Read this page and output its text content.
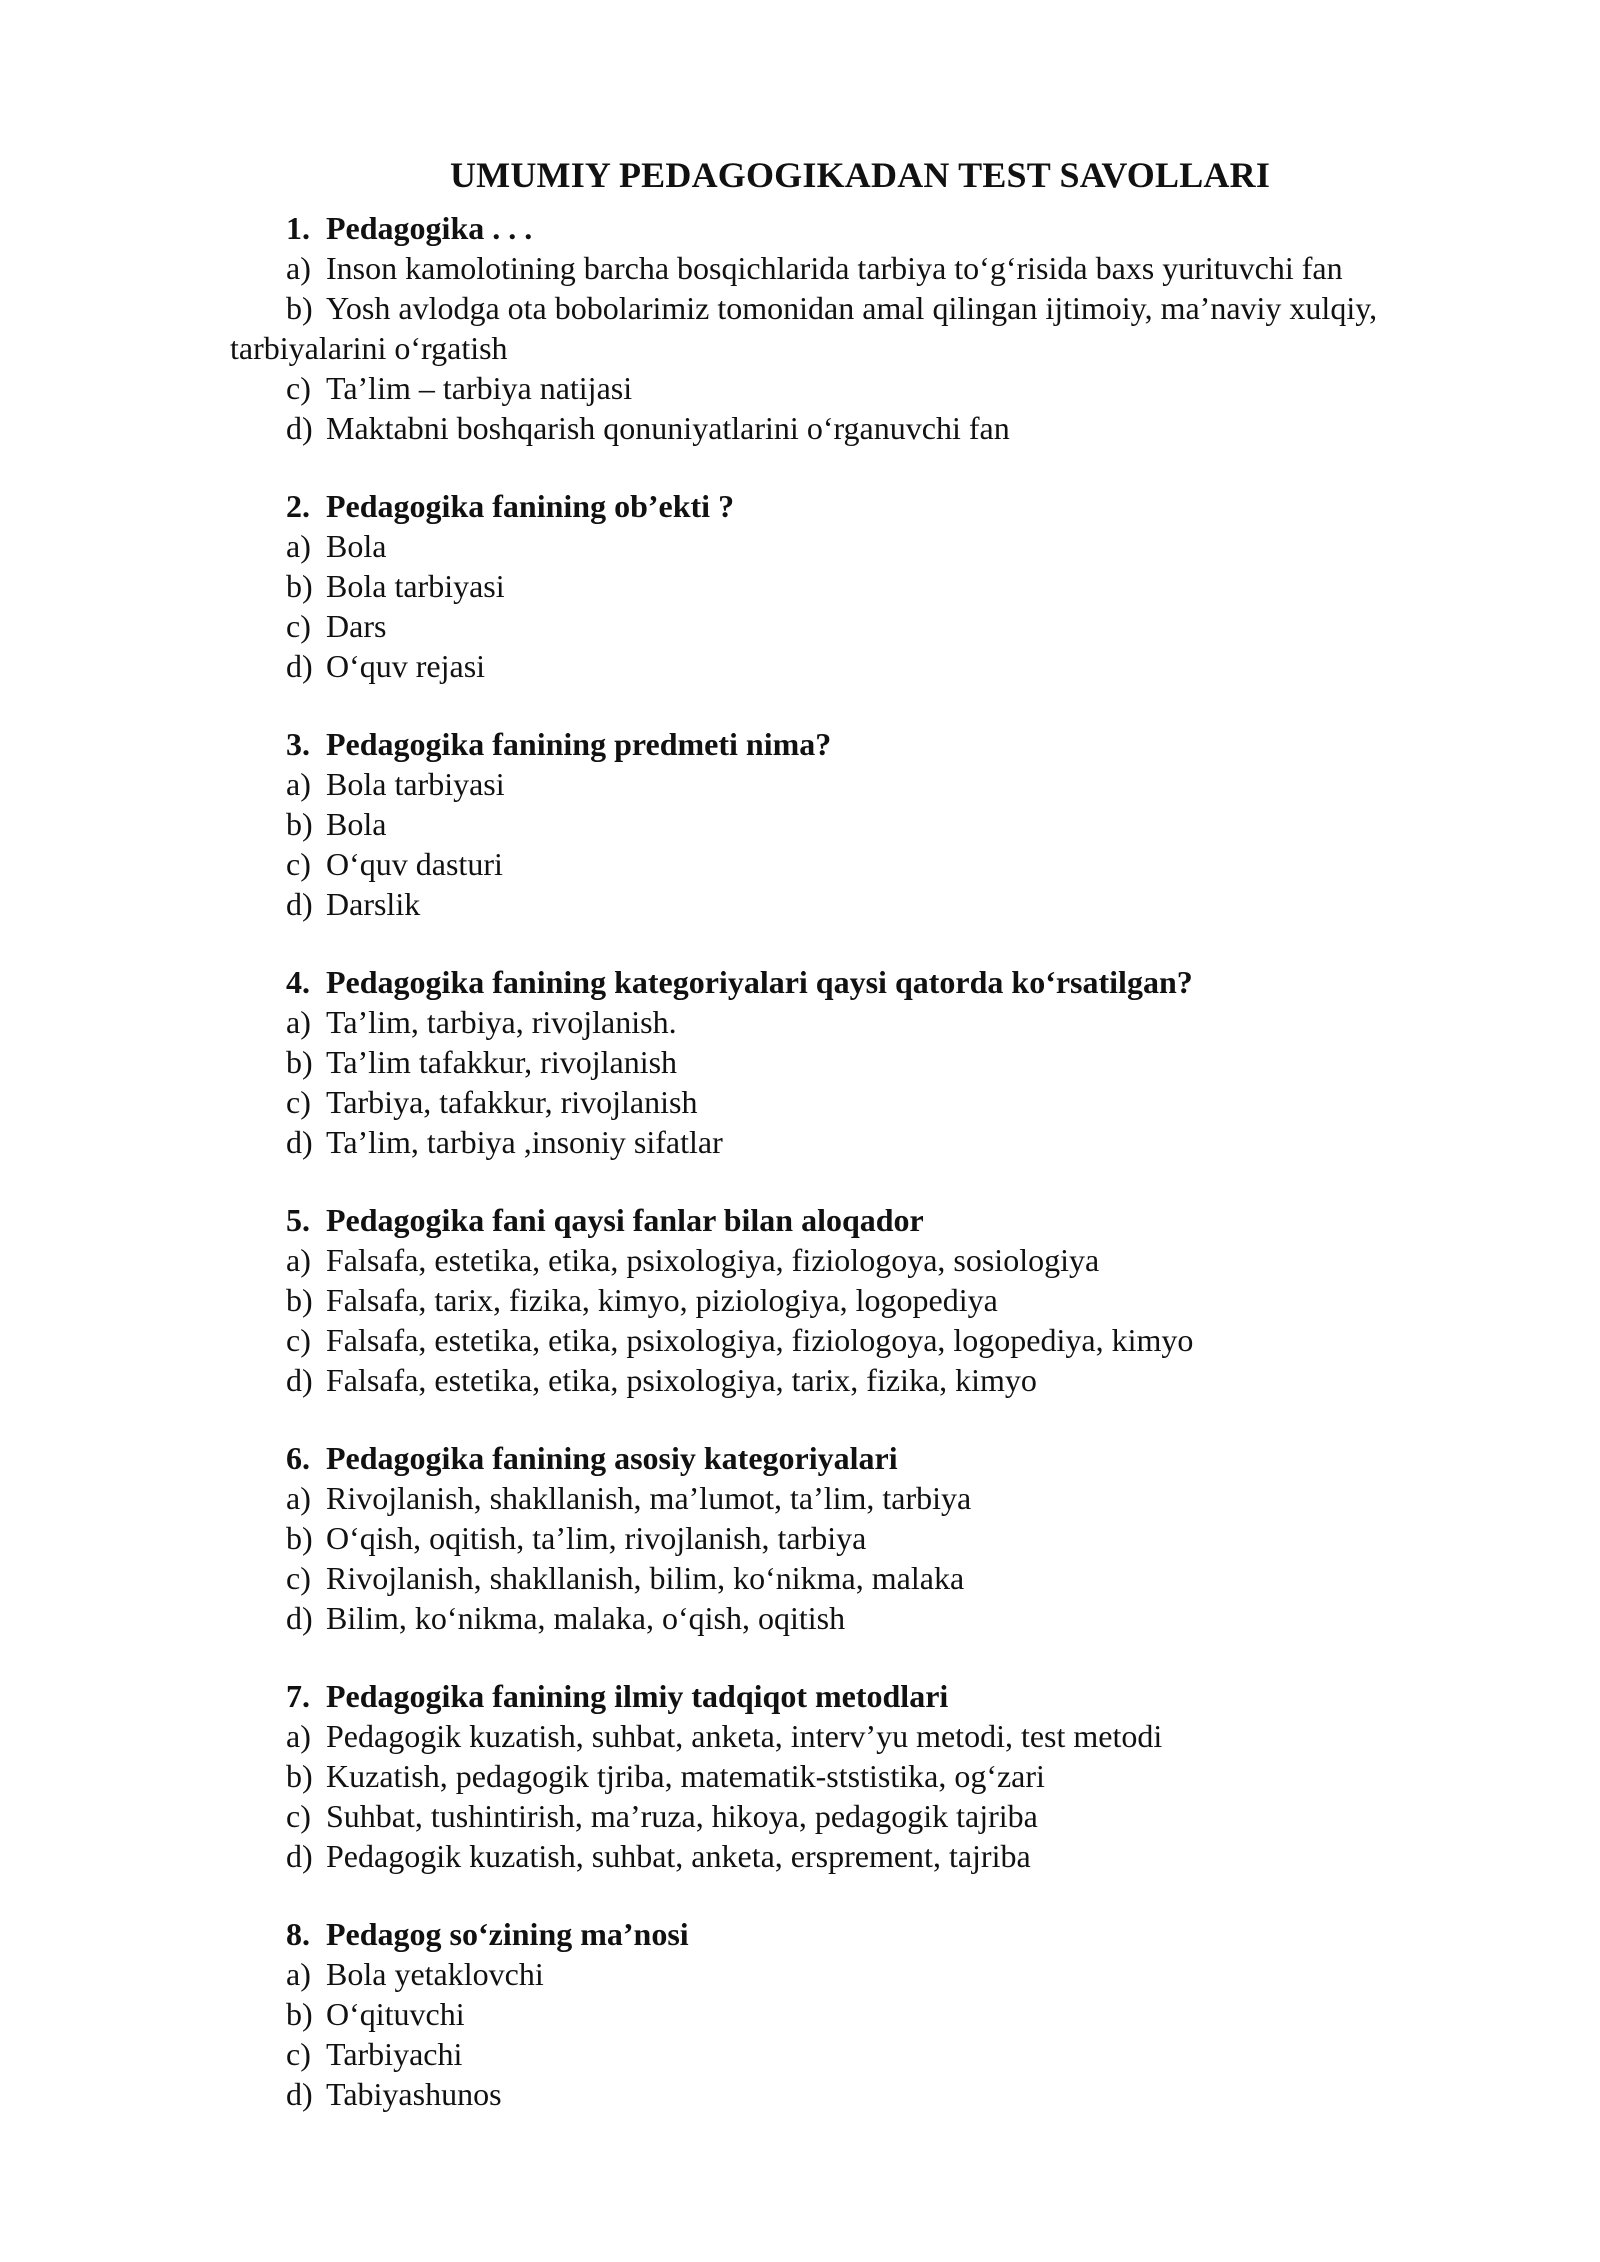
UMUMIY PEDAGOGIKADAN TEST SAVOLLARI
1. Pedagogika . . .
a) Inson kamolotining barcha bosqichlarida tarbiya to‘g‘risida baxs yurituvchi fan
b) Yosh avlodga ota bobolarimiz tomonidan amal qilingan ijtimoiy, ma’naviy xulqiy,
tarbiyalarini o‘rgatish
c) Ta’lim – tarbiya natijasi
d) Maktabni boshqarish qonuniyatlarini o‘rganuvchi fan
2. Pedagogika fanining ob’ekti ?
a) Bola
b) Bola tarbiyasi
c) Dars
d) O‘quv rejasi
3. Pedagogika fanining predmeti nima?
a) Bola tarbiyasi
b) Bola
c) O‘quv dasturi
d) Darslik
4. Pedagogika fanining kategoriyalari qaysi qatorda ko‘rsatilgan?
a) Ta’lim, tarbiya, rivojlanish.
b) Ta’lim tafakkur, rivojlanish
c) Tarbiya, tafakkur, rivojlanish
d) Ta’lim, tarbiya ,insoniy sifatlar
5. Pedagogika fani qaysi fanlar bilan aloqador
a) Falsafa, estetika, etika, psixologiya, fiziologoya, sosiologiya
b) Falsafa, tarix, fizika, kimyo, piziologiya, logopediya
c) Falsafa, estetika, etika, psixologiya, fiziologoya, logopediya, kimyo
d) Falsafa, estetika, etika, psixologiya, tarix, fizika, kimyo
6. Pedagogika fanining asosiy kategoriyalari
a) Rivojlanish, shakllanish, ma’lumot, ta’lim, tarbiya
b) O‘qish, oqitish, ta’lim, rivojlanish, tarbiya
c) Rivojlanish, shakllanish, bilim, ko‘nikma, malaka
d) Bilim, ko‘nikma, malaka, o‘qish, oqitish
7. Pedagogika fanining ilmiy tadqiqot metodlari
a) Pedagogik kuzatish, suhbat, anketa, interv’yu metodi, test metodi
b) Kuzatish, pedagogik tjriba, matematik-ststistika, og‘zari
c) Suhbat, tushintirish, ma’ruza, hikoya, pedagogik tajriba
d) Pedagogik kuzatish, suhbat, anketa, ersprement, tajriba
8. Pedagog so‘zining ma’nosi
a) Bola yetaklovchi
b) O‘qituvchi
c) Tarbiyachi
d) Tabiyashunos
